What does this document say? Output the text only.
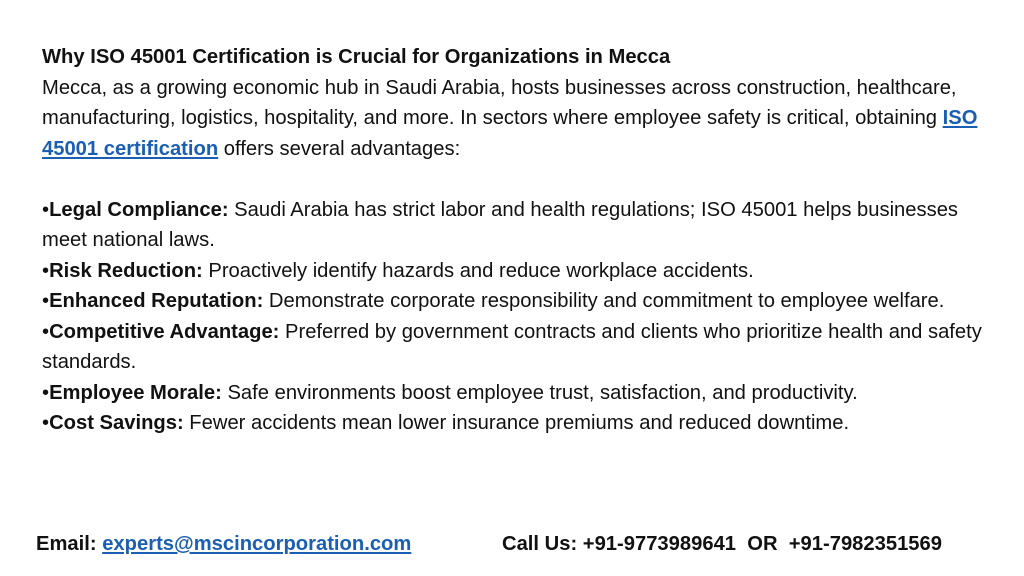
Why ISO 45001 Certification is Crucial for Organizations in Mecca

Mecca, as a growing economic hub in Saudi Arabia, hosts businesses across construction, healthcare, manufacturing, logistics, hospitality, and more. In sectors where employee safety is critical, obtaining ISO 45001 certification offers several advantages:

•Legal Compliance: Saudi Arabia has strict labor and health regulations; ISO 45001 helps businesses meet national laws.
•Risk Reduction: Proactively identify hazards and reduce workplace accidents.
•Enhanced Reputation: Demonstrate corporate responsibility and commitment to employee welfare.
•Competitive Advantage: Preferred by government contracts and clients who prioritize health and safety standards.
•Employee Morale: Safe environments boost employee trust, satisfaction, and productivity.
•Cost Savings: Fewer accidents mean lower insurance premiums and reduced downtime.
Email: experts@mscincorporation.com	Call Us: +91-9773989641  OR  +91-7982351569
